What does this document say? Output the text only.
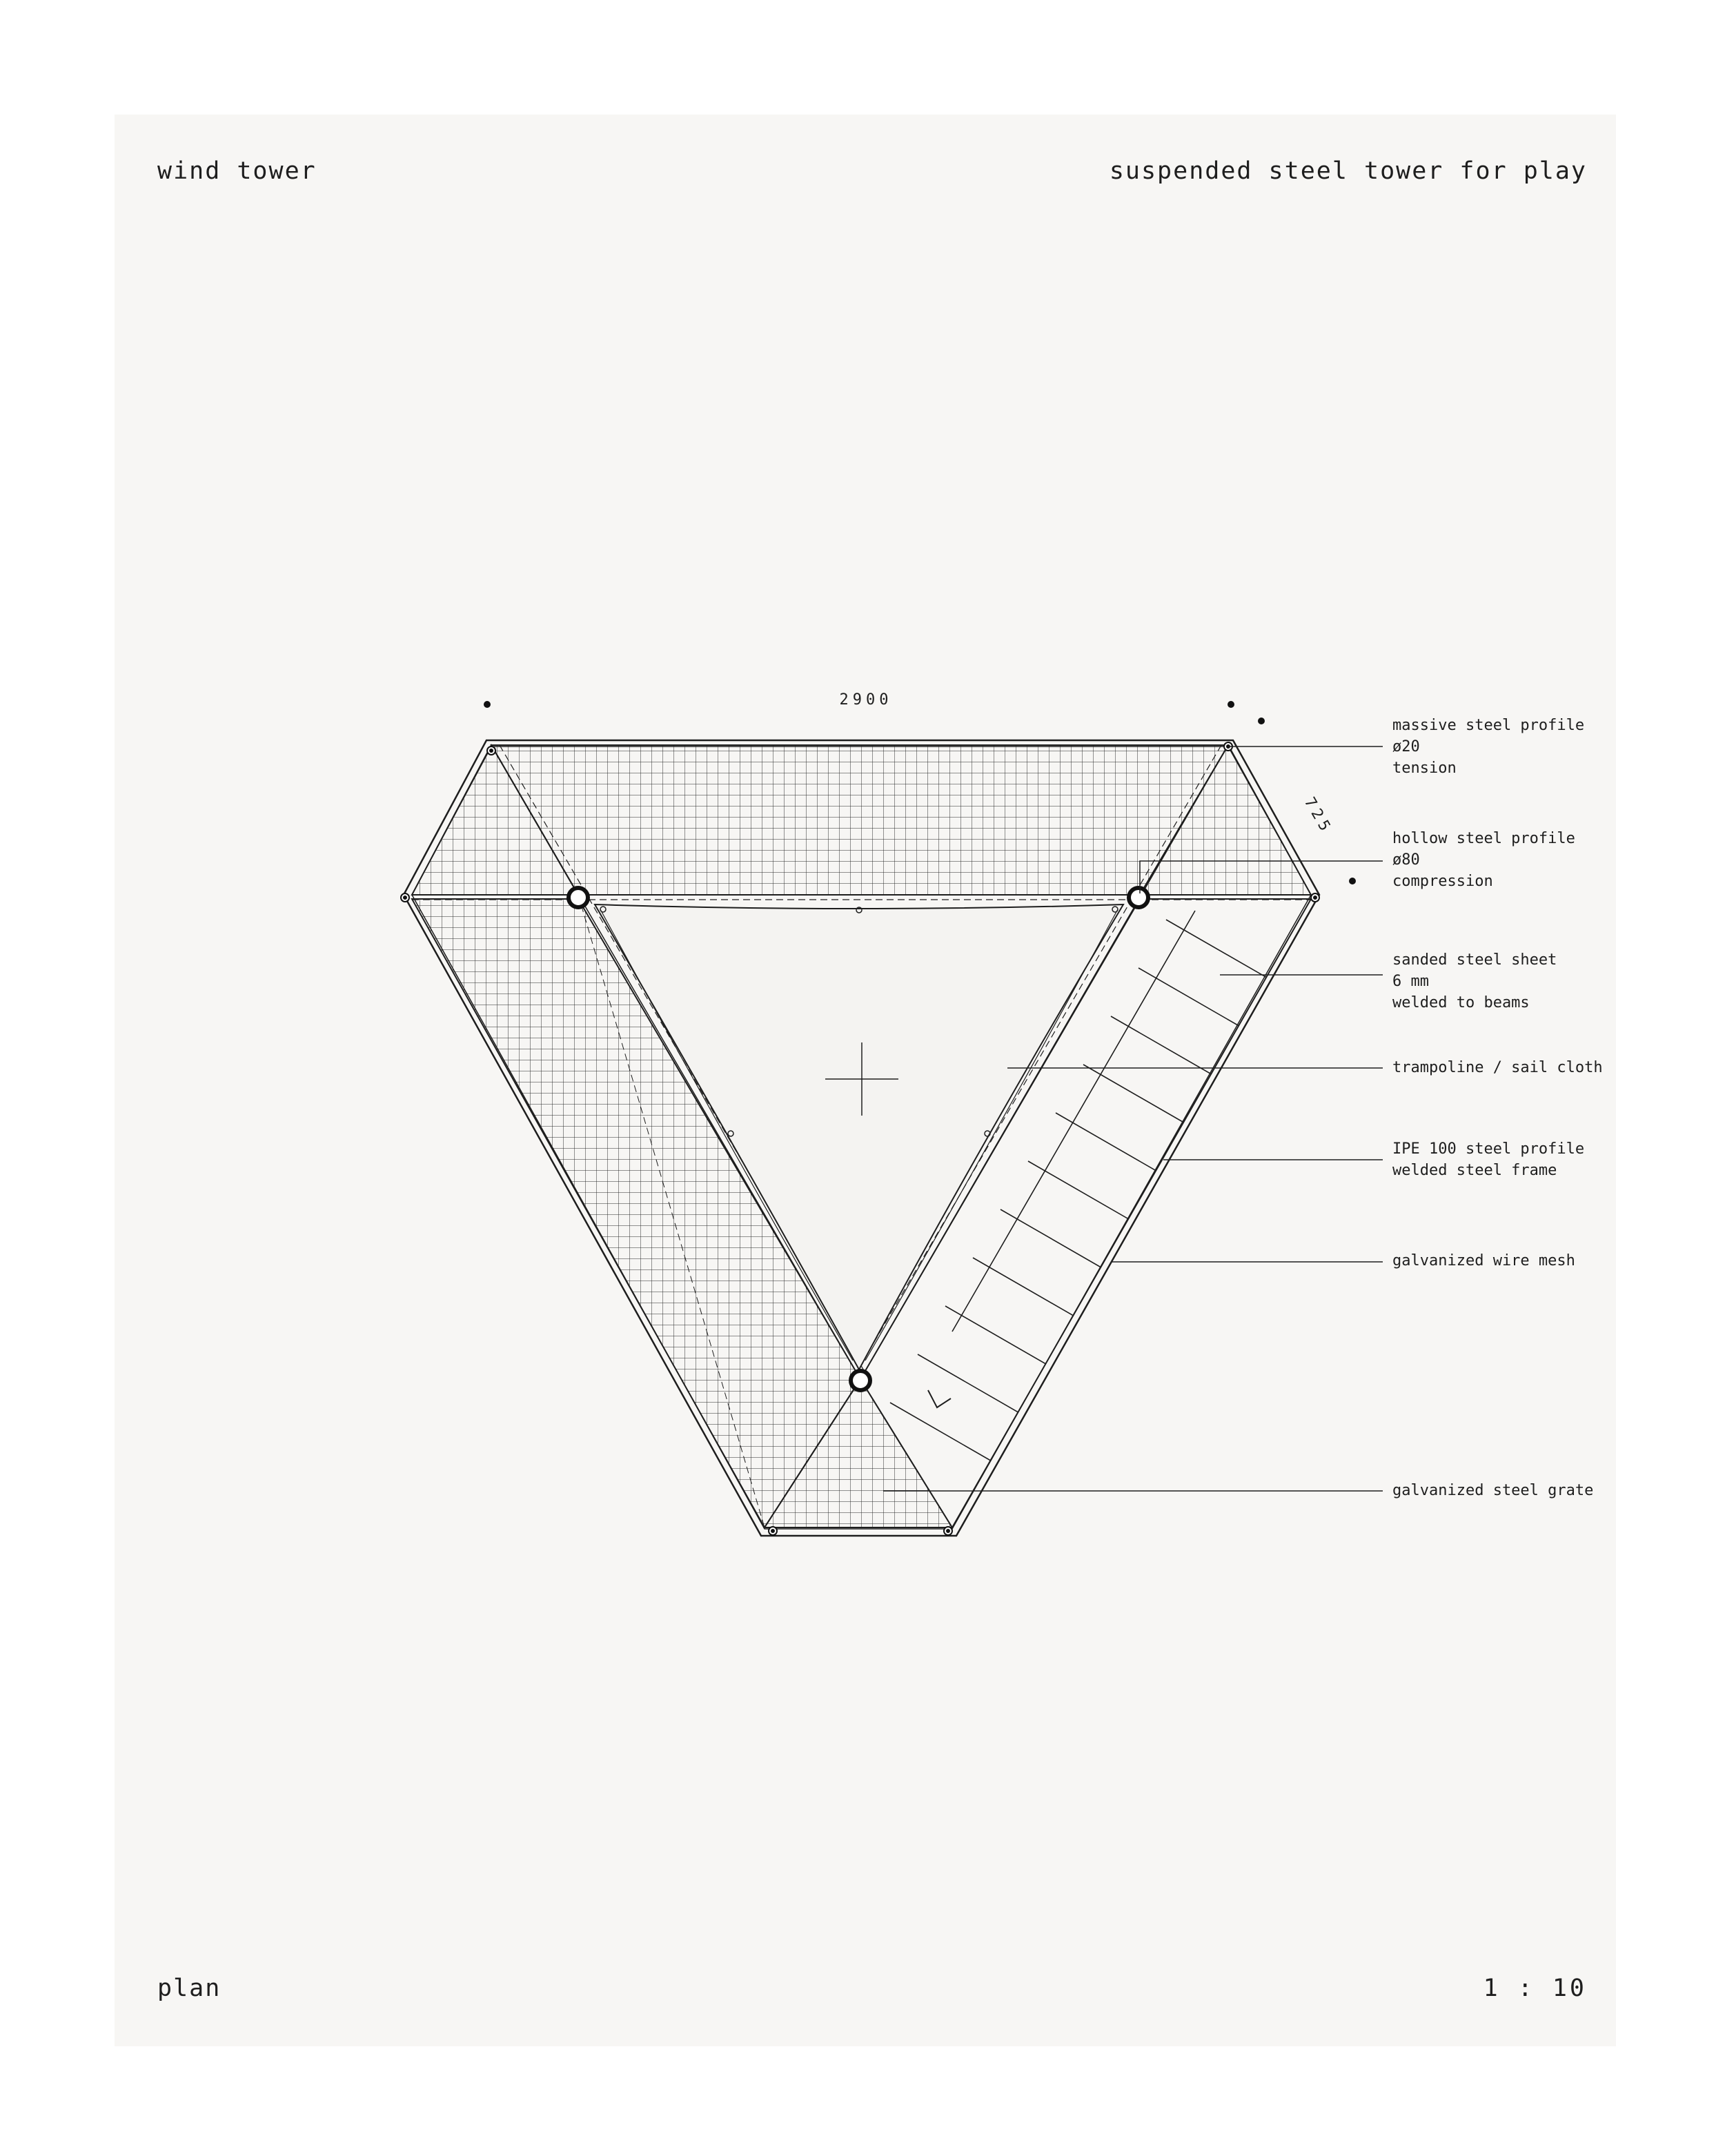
wind tower	suspended steel tower for play
plan	1 : 10
2900
725
massive steel profile
ø20
tension
hollow steel profile
ø80
compression
sanded steel sheet
6 mm
welded to beams
trampoline / sail cloth
IPE 100 steel profile
welded steel frame
galvanized wire mesh
galvanized steel grate
